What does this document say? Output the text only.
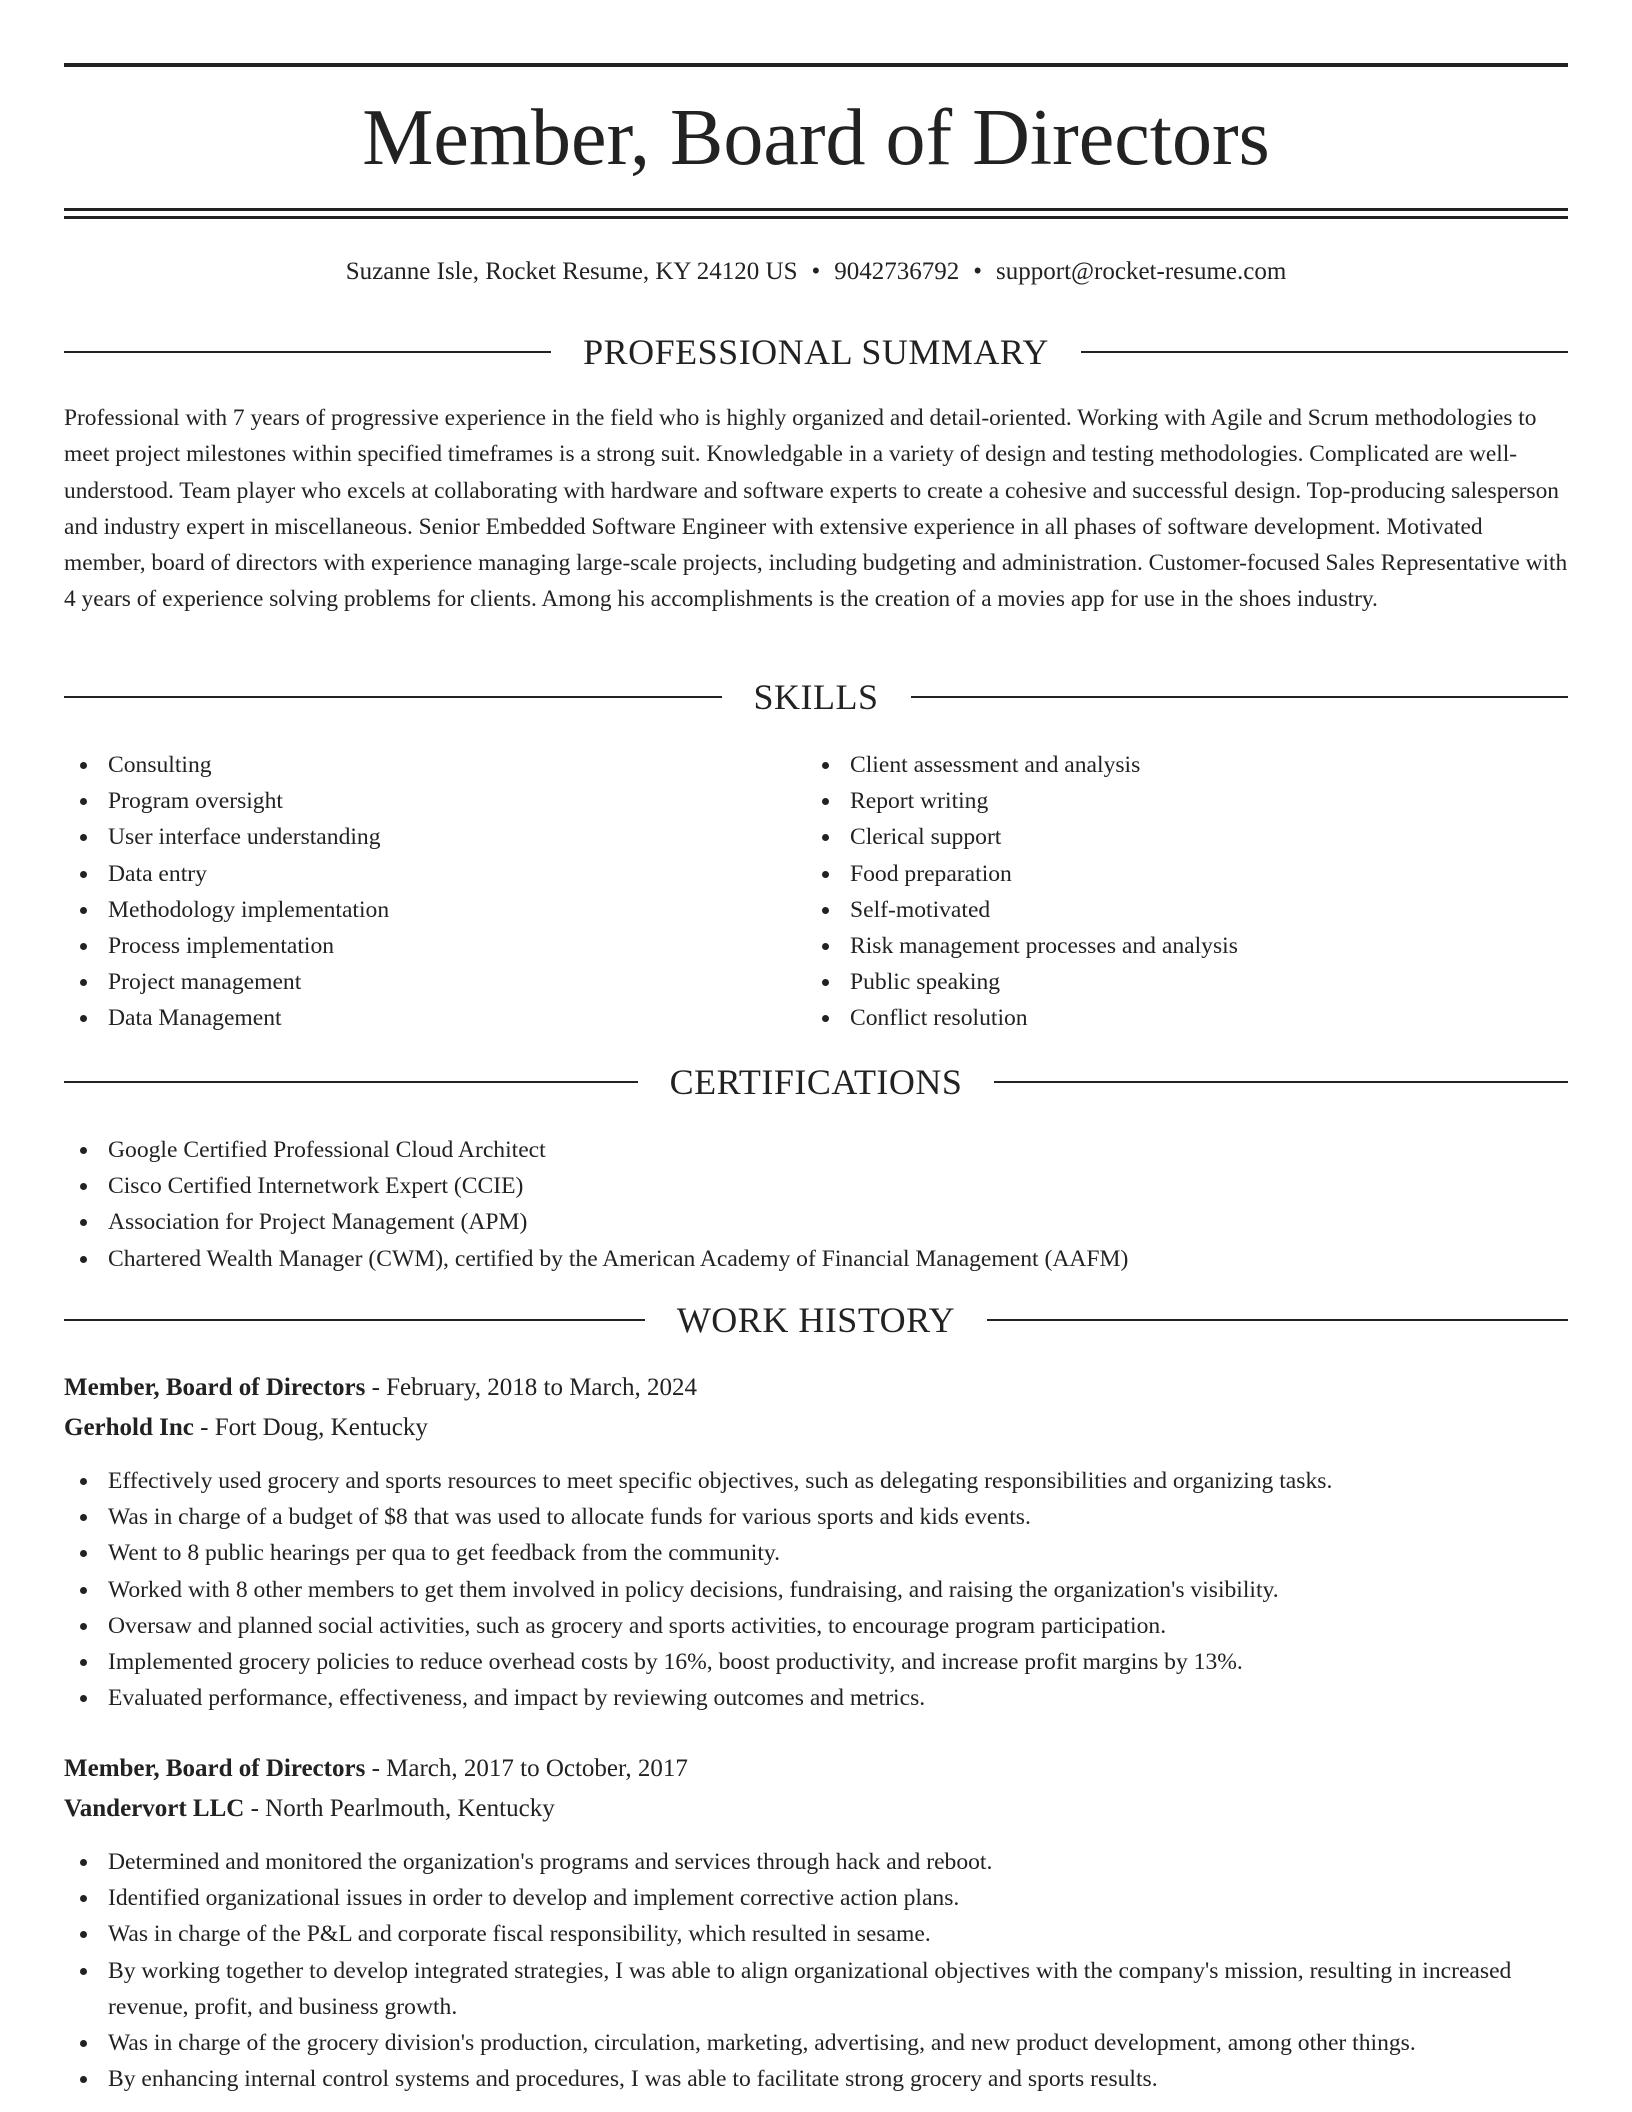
Member, Board of Directors
Suzanne Isle, Rocket Resume, KY 24120 US • 9042736792 • support@rocket-resume.com
PROFESSIONAL SUMMARY

Professional with 7 years of progressive experience in the field who is highly organized and detail-oriented. Working with Agile and Scrum methodologies to meet project milestones within specified timeframes is a strong suit. Knowledgable in a variety of design and testing methodologies. Complicated are well-understood. Team player who excels at collaborating with hardware and software experts to create a cohesive and successful design. Top-producing salesperson and industry expert in miscellaneous. Senior Embedded Software Engineer with extensive experience in all phases of software development. Motivated member, board of directors with experience managing large-scale projects, including budgeting and administration. Customer-focused Sales Representative with 4 years of experience solving problems for clients. Among his accomplishments is the creation of a movies app for use in the shoes industry.

SKILLS
Consulting
Program oversight
User interface understanding
Data entry
Methodology implementation
Process implementation
Project management
Data Management
Client assessment and analysis
Report writing
Clerical support
Food preparation
Self-motivated
Risk management processes and analysis
Public speaking
Conflict resolution
CERTIFICATIONS
Google Certified Professional Cloud Architect
Cisco Certified Internetwork Expert (CCIE)
Association for Project Management (APM)
Chartered Wealth Manager (CWM), certified by the American Academy of Financial Management (AAFM)
WORK HISTORY
Member, Board of Directors - February, 2018 to March, 2024
Gerhold Inc - Fort Doug, Kentucky
Effectively used grocery and sports resources to meet specific objectives, such as delegating responsibilities and organizing tasks.
Was in charge of a budget of $8 that was used to allocate funds for various sports and kids events.
Went to 8 public hearings per qua to get feedback from the community.
Worked with 8 other members to get them involved in policy decisions, fundraising, and raising the organization's visibility.
Oversaw and planned social activities, such as grocery and sports activities, to encourage program participation.
Implemented grocery policies to reduce overhead costs by 16%, boost productivity, and increase profit margins by 13%.
Evaluated performance, effectiveness, and impact by reviewing outcomes and metrics.
Member, Board of Directors - March, 2017 to October, 2017
Vandervort LLC - North Pearlmouth, Kentucky
Determined and monitored the organization's programs and services through hack and reboot.
Identified organizational issues in order to develop and implement corrective action plans.
Was in charge of the P&L and corporate fiscal responsibility, which resulted in sesame.
By working together to develop integrated strategies, I was able to align organizational objectives with the company's mission, resulting in increased revenue, profit, and business growth.
Was in charge of the grocery division's production, circulation, marketing, advertising, and new product development, among other things.
By enhancing internal control systems and procedures, I was able to facilitate strong grocery and sports results.
